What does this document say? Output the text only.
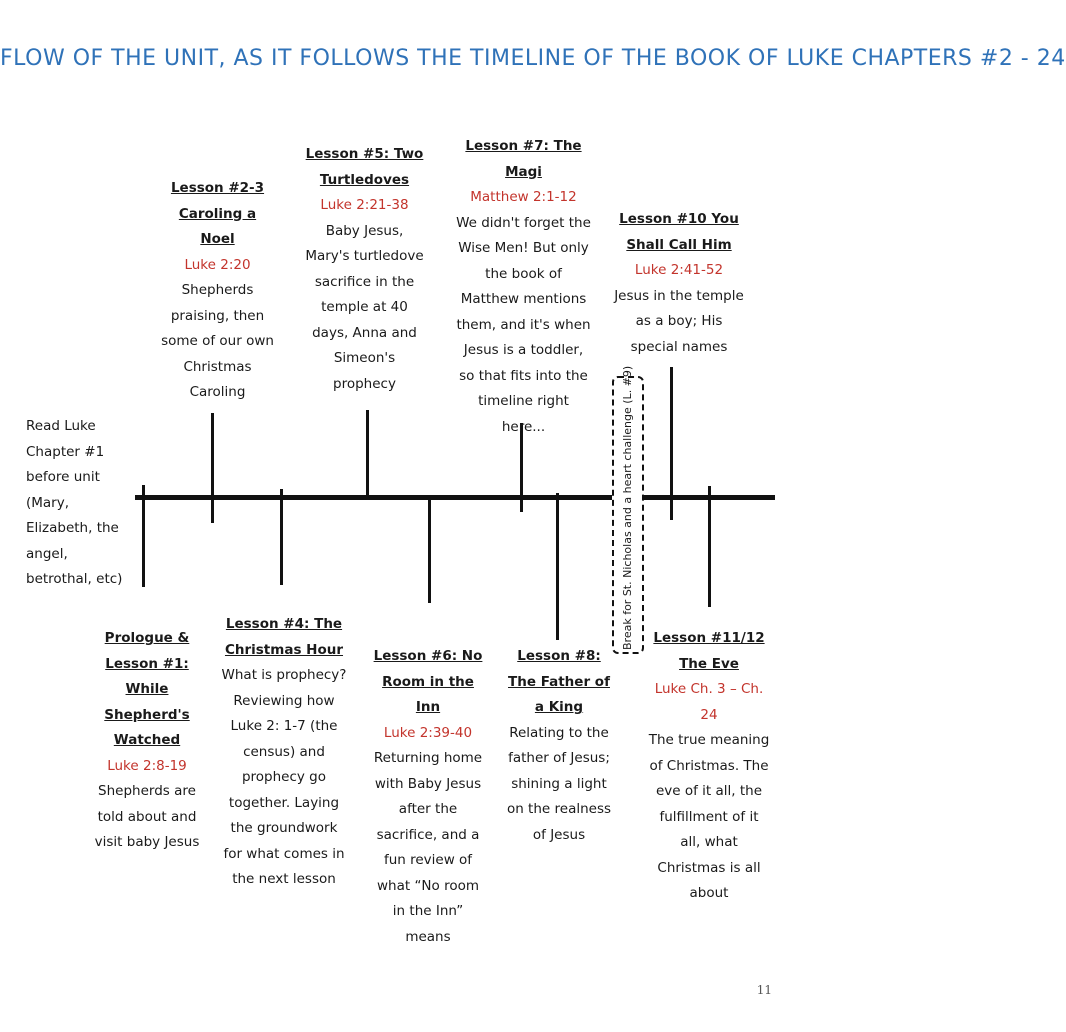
FLOW OF THE UNIT, AS IT FOLLOWS THE TIMELINE OF THE BOOK OF LUKE CHAPTERS #2 - 24
Read Luke Chapter #1 before unit (Mary, Elizabeth, the angel, betrothal, etc)	Break for St. Nicholas and a heart challenge (L. #9)
Lesson #2-3 Caroling a Noel
Luke 2:20
Shepherds praising, then some of our own Christmas Caroling
Lesson #5: Two Turtledoves
Luke 2:21-38
Baby Jesus, Mary's turtledove sacrifice in the temple at 40 days, Anna and Simeon's prophecy
Lesson #7: The Magi
Matthew 2:1-12
We didn't forget the Wise Men! But only the book of Matthew mentions them, and it's when Jesus is a toddler, so that fits into the timeline right here...
Lesson #10 You Shall Call Him
Luke 2:41-52
Jesus in the temple as a boy; His special names
Prologue & Lesson #1: While Shepherd's Watched
Luke 2:8-19
Shepherds are told about and visit baby Jesus
Lesson #4: The Christmas Hour
What is prophecy? Reviewing how Luke 2: 1-7 (the census) and prophecy go together. Laying the groundwork for what comes in the next lesson
Lesson #6: No Room in the Inn
Luke 2:39-40
Returning home with Baby Jesus after the sacrifice, and a fun review of what “No room in the Inn” means
Lesson #8: The Father of a King
Relating to the father of Jesus; shining a light on the realness of Jesus
Lesson #11/12 The Eve
Luke Ch. 3 – Ch. 24
The true meaning of Christmas. The eve of it all, the fulfillment of it all, what Christmas is all about
11
